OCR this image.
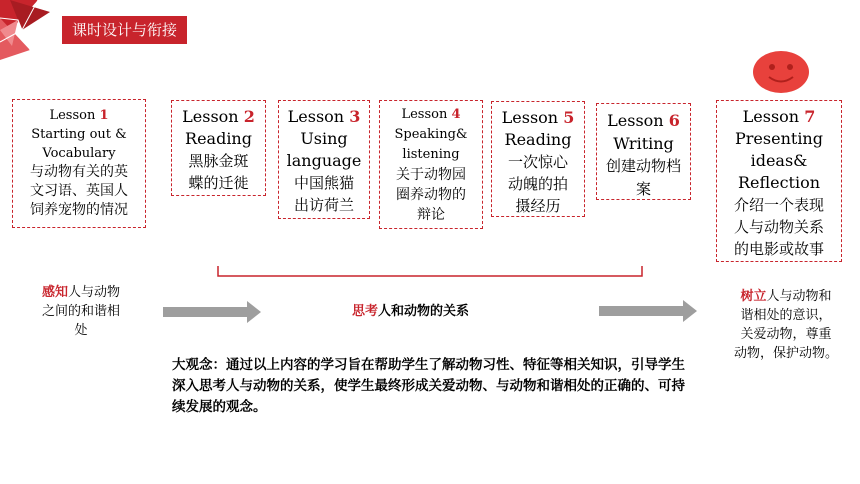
课时设计与衔接
Lesson 1
Starting out &
Vocabulary
与动物有关的英
文习语、英国人
饲养宠物的情况
Lesson 2
Reading
黑脉金斑
蝶的迁徙
Lesson 3
Using
language
中国熊猫
出访荷兰
Lesson 4
Speaking&
listening
关于动物园
圈养动物的
辩论
Lesson 5
Reading
一次惊心
动魄的拍
摄经历
Lesson 6
Writing
创建动物档
案
Lesson 7
Presenting
ideas&
Reflection
介绍一个表现
人与动物关系
的电影或故事
感知人与动物
之间的和谐相
处
思考人和动物的关系
树立人与动物和
谐相处的意识，
关爱动物，尊重
动物，保护动物。
大观念：通过以上内容的学习旨在帮助学生了解动物习性、特征等相关知识，引导学生深入思考人与动物的关系，使学生最终形成关爱动物、与动物和谐相处的正确的、可持续发展的观念。
